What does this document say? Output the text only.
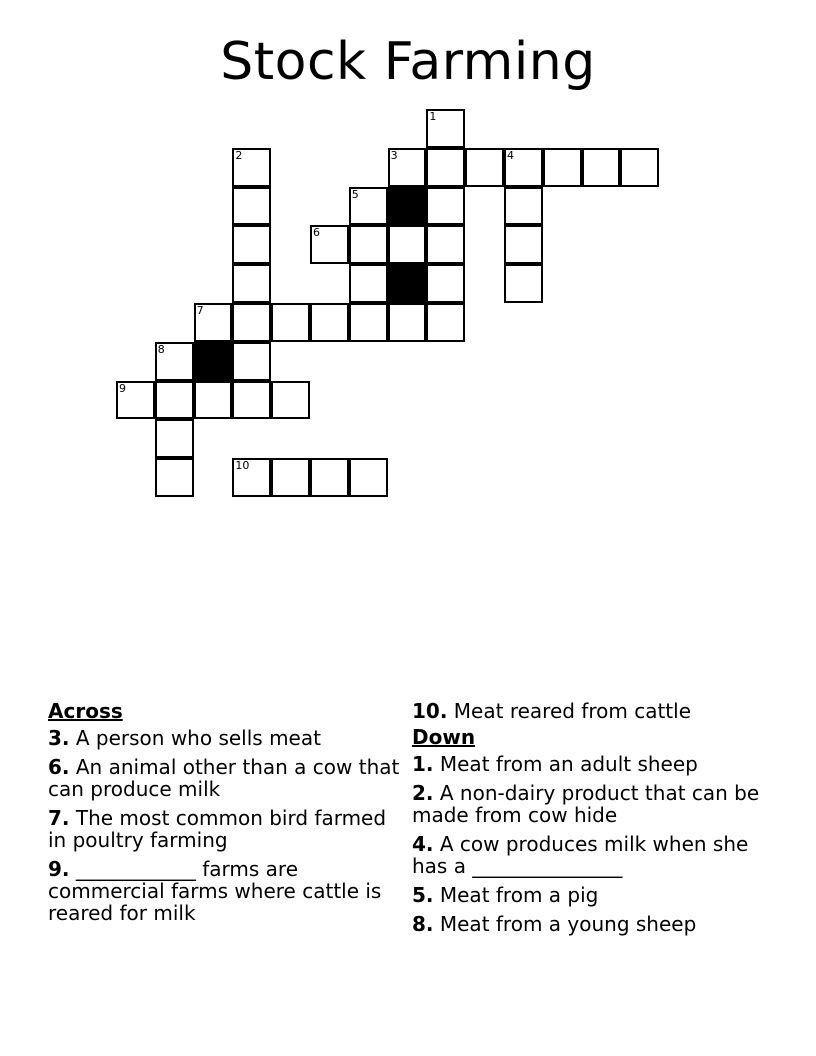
Stock Farming
1
2	3	4
5
6
7
8
9
10
Across
3. A person who sells meat
6. An animal other than a cow that can produce milk
7. The most common bird farmed in poultry farming
9. ____________ farms are commercial farms where cattle is reared for milk
10. Meat reared from cattle
Down
1. Meat from an adult sheep
2. A non-dairy product that can be made from cow hide
4. A cow produces milk when she has a _______________
5. Meat from a pig
8. Meat from a young sheep
